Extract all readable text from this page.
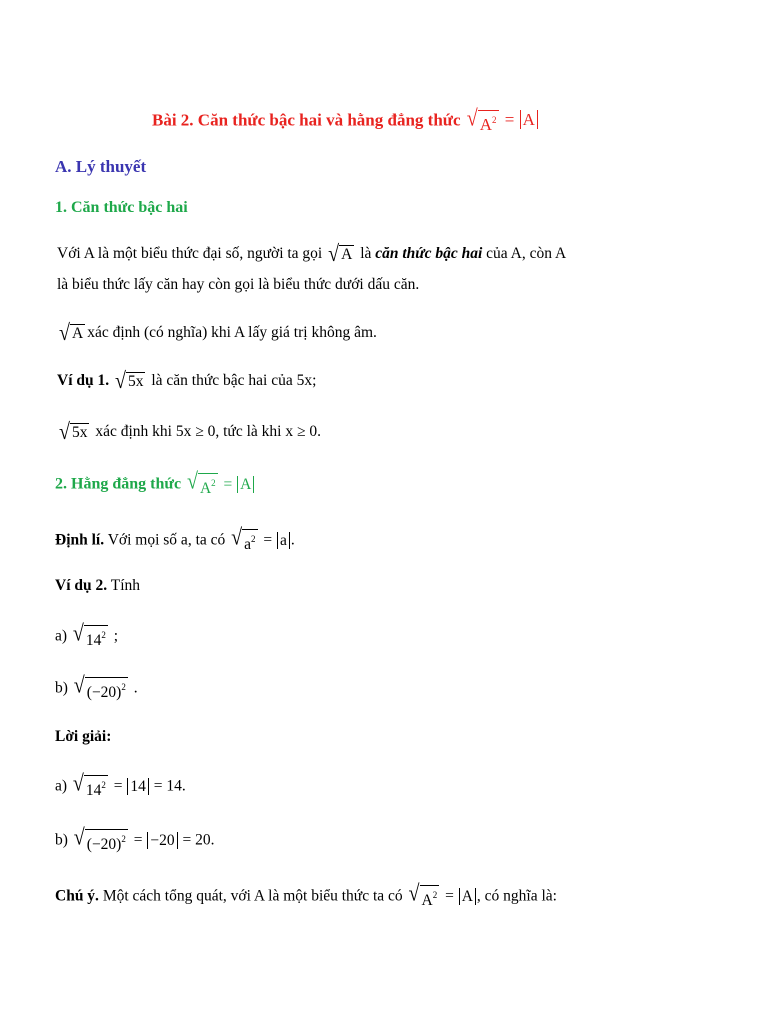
Bài 2. Căn thức bậc hai và hằng đẳng thức √ $A^2 = A$
A. Lý thuyết
1. Căn thức bậc hai
Với A là một biểu thức đại số, người ta gọi √ A là căn thức bậc hai của A, còn A
là biểu thức lấy căn hay còn gọi là biểu thức dưới dấu căn.
√ A xác định (có nghĩa) khi A lấy giá trị không âm.
Ví dụ 1. √ 5x là căn thức bậc hai của 5x;
√ 5x xác định khi 5x ≥ 0, tức là khi x ≥ 0.
2. Hằng đẳng thức √ $A^2 = A$
Định lí. Với mọi số a, ta có √ $a^2 = a$ .
Ví dụ 2. Tính
a) √ $14^2$ ;
b) √ $(-20)^2$ .
Lời giải:
a) √ $14^2 = 14 = 14$.
b) √ $(-20)^2 = -20 = 20$.
Chú ý. Một cách tổng quát, với A là một biểu thức ta có √ $A^2 = A$ , có nghĩa là:
